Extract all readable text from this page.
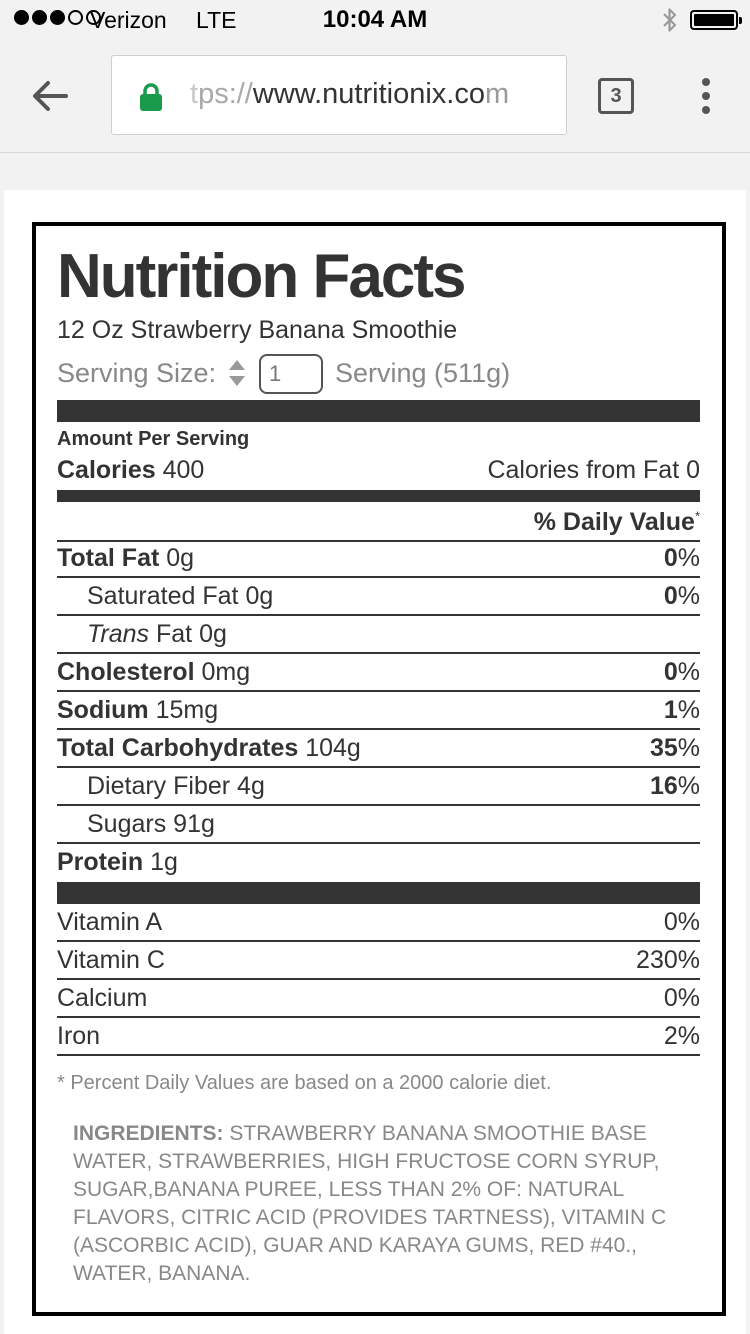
Verizon LTE	10:04 AM
tps://www.nutritionix.com	3
Nutrition Facts
12 Oz Strawberry Banana Smoothie
Serving Size:
1	Serving (511g)
Amount Per Serving
Calories 400	Calories from Fat 0
% Daily Value*
Total Fat 0g	0%
Saturated Fat 0g	0%
Trans Fat 0g
Cholesterol 0mg	0%
Sodium 15mg	1%
Total Carbohydrates 104g	35%
Dietary Fiber 4g	16%
Sugars 91g
Protein 1g
Vitamin A	0%
Vitamin C	230%
Calcium	0%
Iron	2%
* Percent Daily Values are based on a 2000 calorie diet.
INGREDIENTS: STRAWBERRY BANANA SMOOTHIE BASE WATER, STRAWBERRIES, HIGH FRUCTOSE CORN SYRUP, SUGAR,BANANA PUREE, LESS THAN 2% OF: NATURAL FLAVORS, CITRIC ACID (PROVIDES TARTNESS), VITAMIN C (ASCORBIC ACID), GUAR AND KARAYA GUMS, RED #40., WATER, BANANA.
